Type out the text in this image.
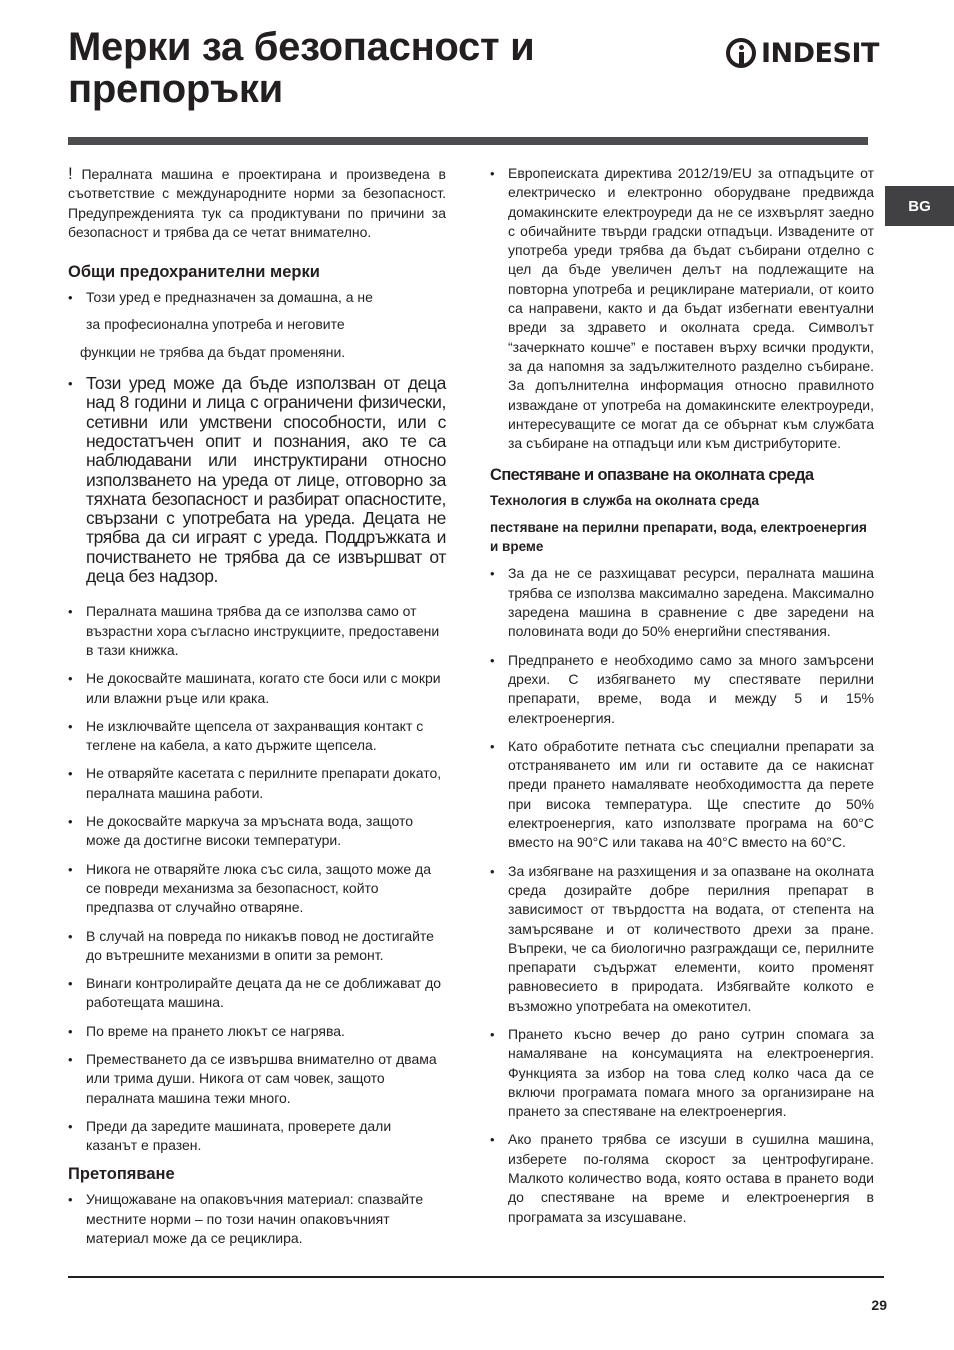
Мерки за безопасност и препоръки
INDESIT
BG

! Пералната машина е проектирана и произведена в съответствие с международните норми за безопасност. Предупрежденията тук са продиктувани по причини за безопасност и трябва да се четат внимателно.

Общи предохранителни мерки
• Този уред е предназначен за домашна, а не

за професионална употреба и неговите

функции не трябва да бъдат променяни.

• Този уред може да бъде използван от деца над 8 години и лица с ограничени физически, сетивни или умствени способности, или с недостатъчен опит и познания, ако те са наблюдавани или инструктирани относно използването на уреда от лице, отговорно за тяхната безопасност и разбират опасностите, свързани с употребата на уреда. Децата не трябва да си играят с уреда. Поддръжката и почистването не трябва да се извършват от деца без надзор.
• Пералната машина трябва да се използва само от възрастни хора съгласно инструкциите, предоставени в тази книжка.
• Не докосвайте машината, когато сте боси или с мокри или влажни ръце или крака.
• Не изключвайте щепсела от захранващия контакт с теглене на кабела, а като държите щепсела.
• Не отваряйте касетата с перилните препарати докато, пералната машина работи.
• Не докосвайте маркуча за мръсната вода, защото може да достигне високи температури.
• Никога не отваряйте люка със сила, защото може да се повреди механизма за безопасност, който предпазва от случайно отваряне.
• В случай на повреда по никакъв повод не достигайте до вътрешните механизми в опити за ремонт.
• Винаги контролирайте децата да не се доближават до работещата машина.
• По време на прането люкът се нагрява.
• Преместването да се извършва внимателно от двама или трима души. Никога от сам човек, защото пералната машина тежи много.
• Преди да заредите машината, проверете дали казанът е празен.
Претопяване
• Унищожаване на опаковъчния материал: спазвайте местните норми – по този начин опаковъчният материал може да се рециклира.
• Европеиската директива 2012/19/EU за отпадъците от електрическо и електронно оборудване предвижда домакинските електроуреди да не се изхвърлят заедно с обичайните твърди градски отпадъци. Извадените от употреба уреди трябва да бъдат събирани отделно с цел да бъде увеличен делът на подлежащите на повторна употреба и рециклиране материали, от които са направени, както и да бъдат избегнати евентуални вреди за здравето и околната среда. Символът “зачеркнато кошче” е поставен върху всички продукти, за да напомня за задължителното разделно събиране. За допълнителна информация относно правилното изваждане от употреба на домакинските електроуреди, интересуващите се могат да се обърнат към службата за събиране на отпадъци или към дистрибуторите.
Спестяване и опазване на околната среда
Технология в служба на околната среда
пестяване на перилни препарати, вода, електроенергия и време
• За да не се разхищават ресурси, пералната машина трябва се използва максимално заредена. Максимално заредена машина в сравнение с две заредени на половината води до 50% енергийни спестявания.
• Предпрането е необходимо само за много замърсени дрехи. С избягването му спестявате перилни препарати, време, вода и между 5 и 15% електроенергия.
• Като обработите петната със специални препарати за отстраняването им или ги оставите да се накиснат преди прането намалявате необходимостта да перете при висока температура. Ще спестите до 50% електроенергия, като използвате програма на 60°C вместо на 90°C или такава на 40°C вместо на 60°C.
• За избягване на разхищения и за опазване на околната среда дозирайте добре перилния препарат в зависимост от твърдостта на водата, от степента на замърсяване и от количеството дрехи за пране. Въпреки, че са биологично разграждащи се, перилните препарати съдържат елементи, които променят равновесието в природата. Избягвайте колкото е възможно употребата на омекотител.
• Прането късно вечер до рано сутрин спомага за намаляване на консумацията на електроенергия. Функцията за избор на това след колко часа да се включи програмата помага много за организиране на прането за спестяване на електроенергия.
• Ако прането трябва се изсуши в сушилна машина, изберете по-голяма скорост за центрофугиране. Малкото количество вода, която остава в прането води до спестяване на време и електроенергия в програмата за изсушаване.
29
